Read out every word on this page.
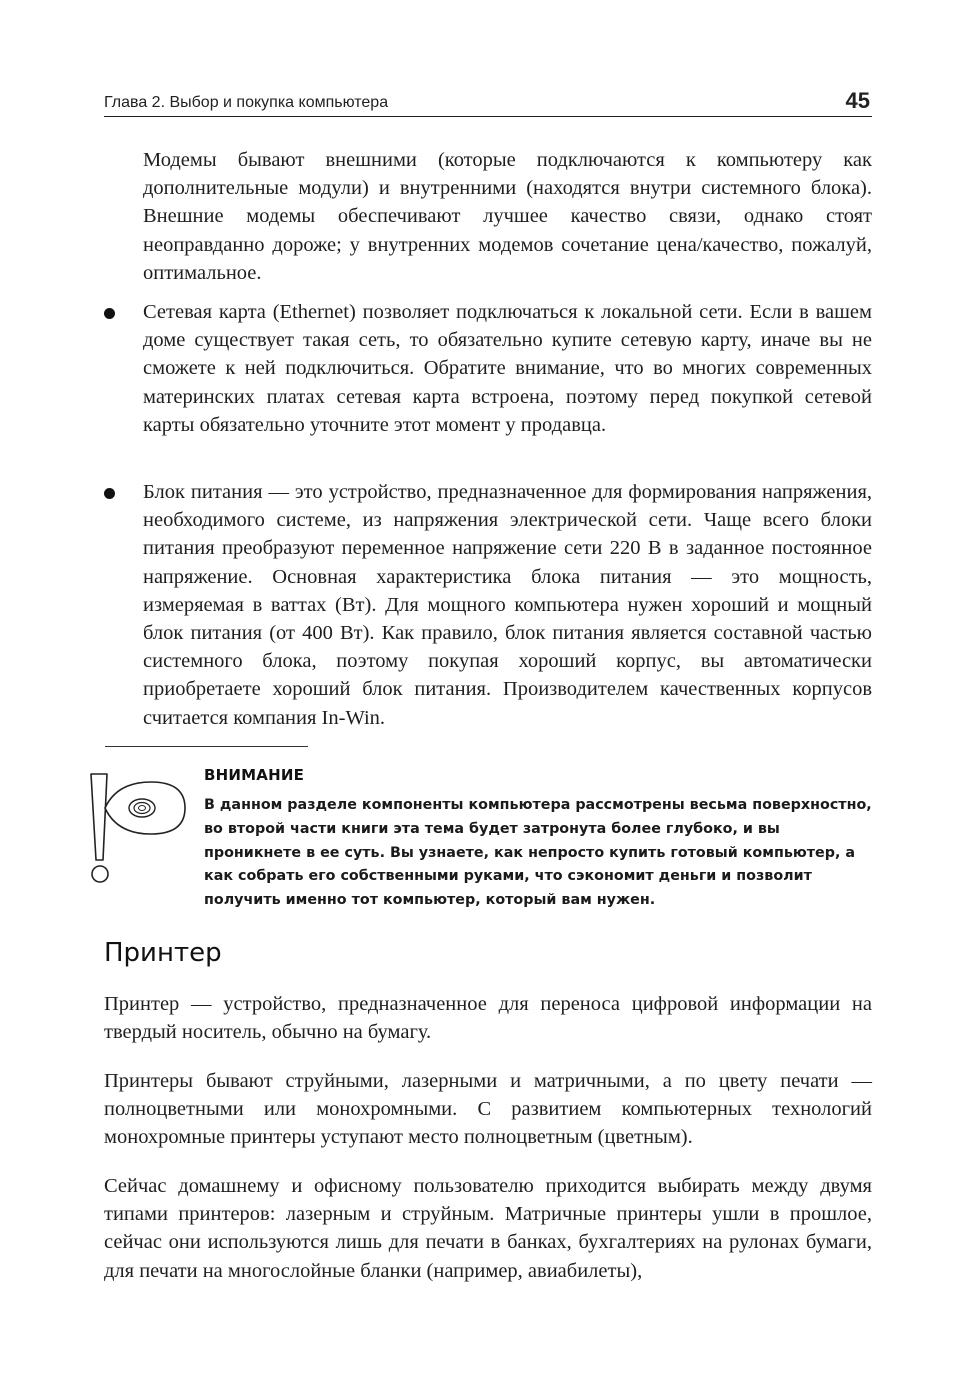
Глава 2. Выбор и покупка компьютера	45

Модемы бывают внешними (которые подключаются к компьютеру как дополнительные модули) и внутренними (находятся внутри системного блока). Внешние модемы обеспечивают лучшее качество связи, однако стоят неоправданно дороже; у внутренних модемов сочетание цена/качество, пожалуй, оптимальное.

Сетевая карта (Ethernet) позволяет подключаться к локальной сети. Если в вашем доме существует такая сеть, то обязательно купите сетевую карту, иначе вы не сможете к ней подключиться. Обратите внимание, что во многих современных материнских платах сетевая карта встроена, поэтому перед покупкой сетевой карты обязательно уточните этот момент у продавца.

Блок питания — это устройство, предназначенное для формирования напряжения, необходимого системе, из напряжения электрической сети. Чаще всего блоки питания преобразуют переменное напряжение сети 220 В в заданное постоянное напряжение. Основная характеристика блока питания — это мощность, измеряемая в ваттах (Вт). Для мощного компьютера нужен хороший и мощный блок питания (от 400 Вт). Как правило, блок питания является составной частью системного блока, поэтому покупая хороший корпус, вы автоматически приобретаете хороший блок питания. Производителем качественных корпусов считается компания In-Win.

ВНИМАНИЕ

В данном разделе компоненты компьютера рассмотрены весьма поверхностно, во второй части книги эта тема будет затронута более глубоко, и вы проникнете в ее суть. Вы узнаете, как непросто купить готовый компьютер, а как собрать его собственными руками, что сэкономит деньги и позволит получить именно тот компьютер, который вам нужен.

Принтер

Принтер — устройство, предназначенное для переноса цифровой информации на твердый носитель, обычно на бумагу.

Принтеры бывают струйными, лазерными и матричными, а по цвету печати — полноцветными или монохромными. С развитием компьютерных технологий монохромные принтеры уступают место полноцветным (цветным).

Сейчас домашнему и офисному пользователю приходится выбирать между двумя типами принтеров: лазерным и струйным. Матричные принтеры ушли в прошлое, сейчас они используются лишь для печати в банках, бухгалтериях на рулонах бумаги, для печати на многослойные бланки (например, авиабилеты),
